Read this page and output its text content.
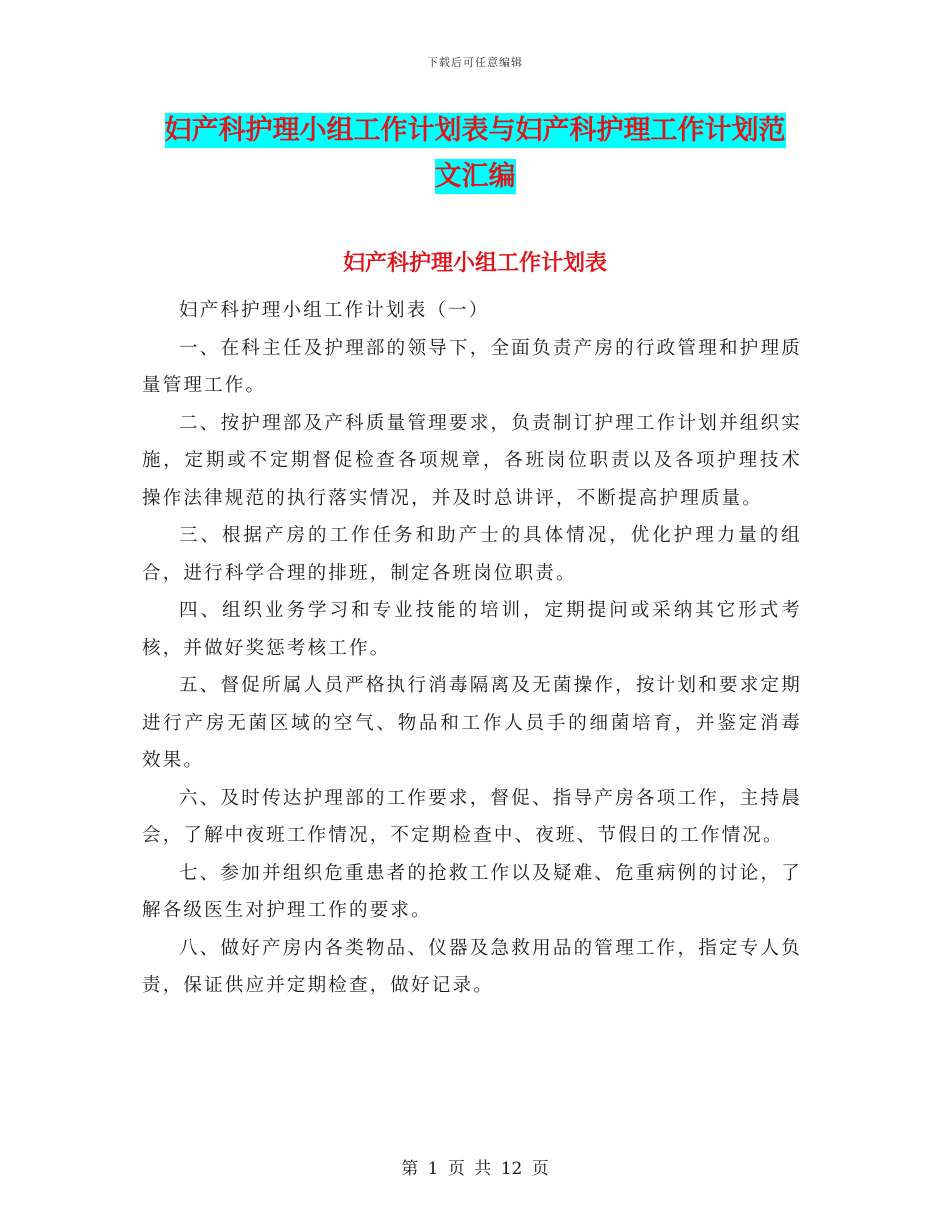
下载后可任意编辑
妇产科护理小组工作计划表与妇产科护理工作计划范
文汇编
妇产科护理小组工作计划表

妇产科护理小组工作计划表（一）

一、在科主任及护理部的领导下，全面负责产房的行政管理和护理质量管理工作。

二、按护理部及产科质量管理要求，负责制订护理工作计划并组织实施，定期或不定期督促检查各项规章，各班岗位职责以及各项护理技术操作法律规范的执行落实情况，并及时总讲评，不断提高护理质量。

三、根据产房的工作任务和助产士的具体情况，优化护理力量的组合，进行科学合理的排班，制定各班岗位职责。

四、组织业务学习和专业技能的培训，定期提问或采纳其它形式考核，并做好奖惩考核工作。

五、督促所属人员严格执行消毒隔离及无菌操作，按计划和要求定期进行产房无菌区域的空气、物品和工作人员手的细菌培育，并鉴定消毒效果。

六、及时传达护理部的工作要求，督促、指导产房各项工作，主持晨会，了解中夜班工作情况，不定期检查中、夜班、节假日的工作情况。

七、参加并组织危重患者的抢救工作以及疑难、危重病例的讨论，了解各级医生对护理工作的要求。

八、做好产房内各类物品、仪器及急救用品的管理工作，指定专人负责，保证供应并定期检查，做好记录。

第 1 页 共 12 页
